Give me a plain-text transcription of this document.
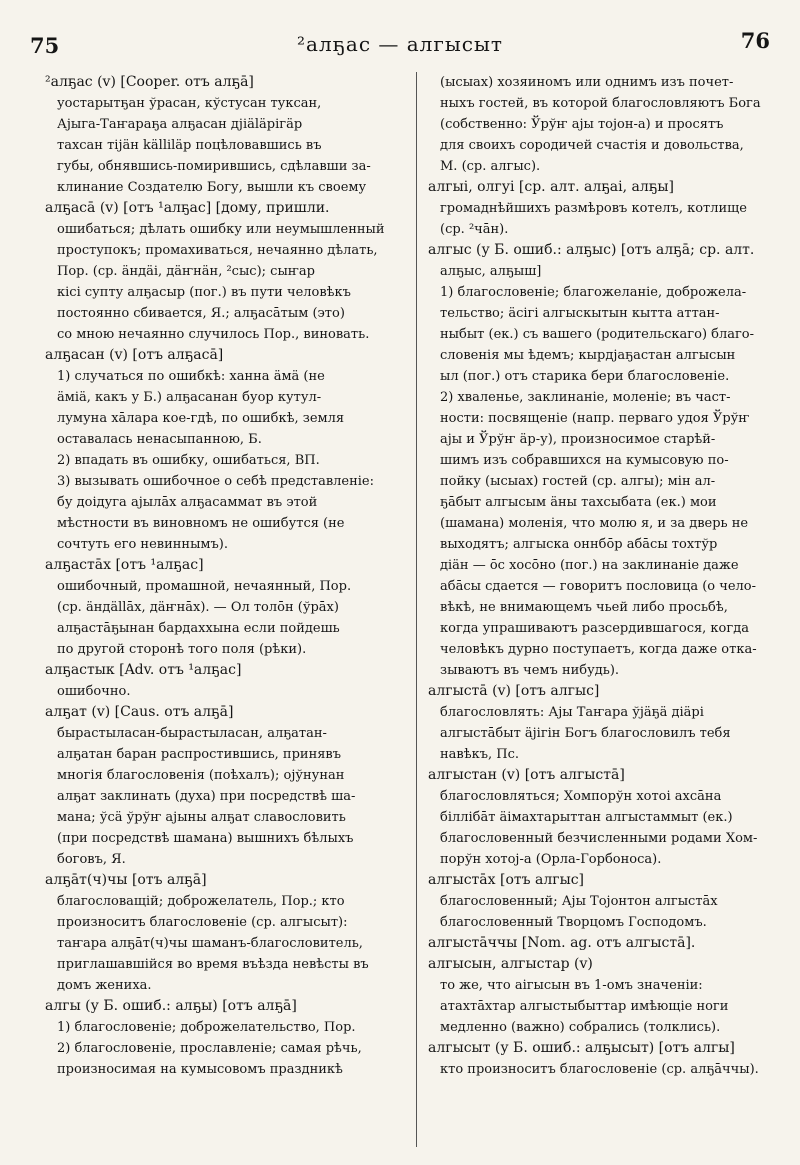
75	²алҕас — алгысыт	76
²алҕас (v) [Cooper. отъ алҕā]
уостарытҕан ўрасан, кўстусан туксан,
Аjыга-Таҥараҕа алҕасан дjiäläрiгäр
тахсан тijäн källiläр поцѣловавшись въ
губы, обнявшись-помирившись, сдѣлавши за-
клинание Создателю Богу, вышли къ своему
алҕасā (v) [отъ ¹алҕас] [дому, пришли.
ошибаться; дѣлать ошибку или неумышленный
проступокъ; промахиваться, нечаянно дѣлать,
Пор. (ср. äндäi, дäҥнäн, ²сыс); сыҥар
кiсi супту алҕасыр (пог.) въ пути человѣкъ
постоянно сбивается, Я.; алҕасāтым (это)
со мною нечаянно случилось Пор., виновать.
алҕасан (v) [отъ алҕасā]
1) случаться по ошибкѣ: ханна äмä (не
äмiä, какъ у Б.) алҕасанан буор кутул-
лумуна хāлара кое-гдѣ, по ошибкѣ, земля
оставалась ненасыпанною, Б.
2) впадать въ ошибку, ошибаться, ВП.
3) вызывать ошибочное о себѣ представленіе:
бу доiдуга аjылāх алҕасаммат въ этой
мѣстности въ виновномъ не ошибутся (не
сочтуть его невиннымъ).
алҕастāх [отъ ¹алҕас]
ошибочный, промашной, нечаянный, Пор.
(ср. äндällāх, дäҥнāх). — Ол толōн (ўрāх)
алҕастāҕынан бардаххына если пойдешь
по другой сторонѣ того поля (рѣки).
алҕастык [Adv. отъ ¹алҕас]
ошибочно.
алҕат (v) [Caus. отъ алҕā]
бырастыласан-бырастыласан, алҕатан-
алҕатан баран распростившись, принявъ
многія благословенія (поѣхалъ); оjўнунан
алҕат заклинать (духа) при посредствѣ ша-
мана; ўсä ўрўҥ аjыны алҕат славословить
(при посредствѣ шамана) вышнихъ бѣлыхъ
боговъ, Я.
алҕāт(ч)чы [отъ алҕā]
благословащій; доброжелатель, Пор.; кто
произноситъ благословеніе (ср. алгысыт):
таҥара алҕāт(ч)чы шаманъ-благословитель,
приглашавшійся во время въѣзда невѣсты въ
домъ жениха.
алгы (у Б. ошиб.: алҕы) [отъ алҕā]
1) благословеніе; доброжелательство, Пор.
2) благословеніе, прославленіе; самая рѣчь,
произносимая на кумысовомъ праздникѣ
(ысыах) хозяиномъ или однимъ изъ почет-
ныхъ гостей, въ которой благословляютъ Бога
(собственно: Ўрўҥ аjы тоjон-а) и просятъ
для своихъ сородичей счастія и довольства,
М. (ср. алгыс).
алгыi, олгуi [ср. алт. алҕаi, алҕы]
громаднѣйшихъ размѣровъ котелъ, котлище
(ср. ²чāн).
алгыс (у Б. ошиб.: алҕыс) [отъ алҕā; ср. алт.
алҕыс, алҕыш]
1) благословеніе; благожеланіе, доброжела-
тельство; äсiгi алгыскытын кытта аттан-
ныбыт (ек.) съ вашего (родительскаго) благо-
словенія мы ѣдемъ; кырдjаҕастан алгысын
ыл (пог.) отъ старика бери благословеніе.
2) хваленье, заклинаніе, моленіе; въ част-
ности: посвященіе (напр. перваго удоя Ўрўҥ
аjы и Ўрўҥ äр-у), произносимое старѣй-
шимъ изъ собравшихся на кумысовую по-
пойку (ысыах) гостей (ср. алгы); мiн ал-
ҕāбыт алгысым äны тахсыбата (ек.) мои
(шамана) моленія, что молю я, и за дверь не
выходятъ; алгыска оннбōр абāсы тохтўр
дiäн — ōс хосōно (пог.) на заклинаніе даже
абāсы сдается — говоритъ пословица (о чело-
вѣкѣ, не внимающемъ чьей либо просьбѣ,
когда упрашиваютъ разсердившагося, когда
человѣкъ дурно поступаетъ, когда даже отка-
зываютъ въ чемъ нибудь).
алгыстā (v) [отъ алгыс]
благословлять: Аjы Таҥара ўjäҕä дiäрi
алгыстāбыт äjiгiн Богъ благословилъ тебя
навѣкъ, Пс.
алгыстан (v) [отъ алгыстā]
благословляться; Хомпорўн хотоi ахсāна
бiллiбāт äiмахтарыттан алгыстаммыт (ек.)
благословенный безчисленными родами Хом-
порўн хотоj-а (Орла-Горбоноса).
алгыстāх [отъ алгыс]
благословенный; Аjы Тоjонтон алгыстāх
благословенный Творцомъ Господомъ.
алгыстāччы [Nom. ag. отъ алгыстā].
алгысын, алгыстар (v)
то же, что аiгысын въ 1-омъ значеніи:
атахтāхтар алгыстыбыттар имѣющіе ноги
медленно (важно) собрались (толклись).
алгысыт (у Б. ошиб.: алҕысыт) [отъ алгы]
кто произноситъ благословеніе (ср. алҕāччы).
